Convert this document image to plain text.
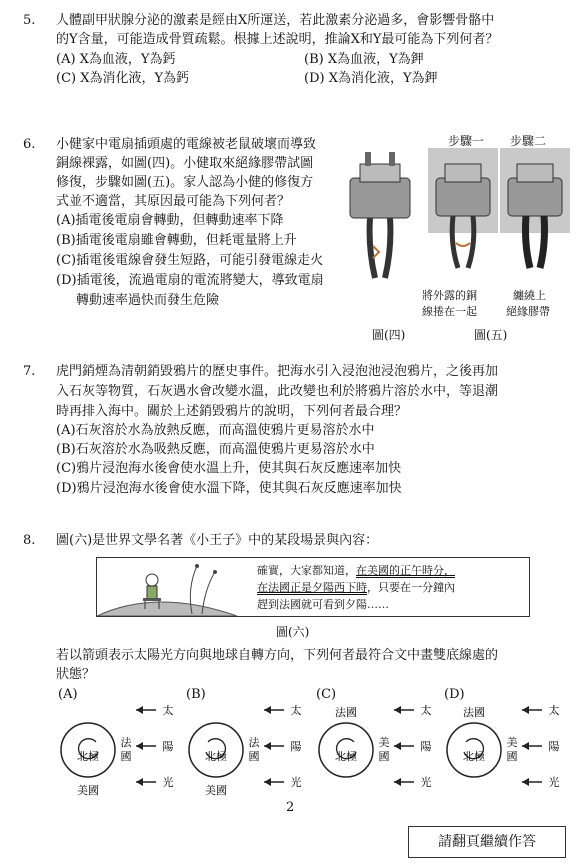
5. 人體副甲狀腺分泌的激素是經由X所運送，若此激素分泌過多，會影響骨骼中
的Y含量，可能造成骨質疏鬆。根據上述說明，推論X和Y最可能為下列何者？
(A) X為血液，Y為鈣	(B) X為血液，Y為鉀
(C) X為消化液，Y為鈣	(D) X為消化液，Y為鉀
6. 小健家中電扇插頭處的電線被老鼠破壞而導致
銅線裸露，如圖(四)。小健取來絕緣膠帶試圖
修復，步驟如圖(五)。家人認為小健的修復方
式並不適當，其原因最可能為下列何者？
(A)插電後電扇會轉動，但轉動速率下降
(B)插電後電扇雖會轉動，但耗電量將上升
(C)插電後電線會發生短路，可能引發電線走火
(D)插電後，流過電扇的電流將變大，導致電扇
轉動速率過快而發生危險
步驟一 步驟二
將外露的銅
線捲在一起
纏繞上
絕緣膠帶
圖(四)	圖(五)
7. 虎門銷煙為清朝銷毀鴉片的歷史事件。把海水引入浸泡池浸泡鴉片，之後再加
入石灰等物質，石灰遇水會改變水溫，此改變也利於將鴉片溶於水中，等退潮
時再排入海中。關於上述銷毀鴉片的說明，下列何者最合理？
(A)石灰溶於水為放熱反應，而高溫使鴉片更易溶於水中
(B)石灰溶於水為吸熱反應，而高溫使鴉片更易溶於水中
(C)鴉片浸泡海水後會使水溫上升，使其與石灰反應速率加快
(D)鴉片浸泡海水後會使水溫下降，使其與石灰反應速率加快
8. 圖(六)是世界文學名著《小王子》中的某段場景與內容：
確實，大家都知道，在美國的正午時分，
在法國正是夕陽西下時，只要在一分鐘內
趕到法國就可看到夕陽……
圖(六)
若以箭頭表示太陽光方向與地球自轉方向，下列何者最符合文中畫雙底線處的
狀態？
(A)
北極
法
國
美國
太
陽
光
(B)
北極
法
國
美國
太
陽
光
(C)
北極
法國
美
國
太
陽
光
(D)
北極
法國
美
國
太
陽
光
2
請翻頁繼續作答
